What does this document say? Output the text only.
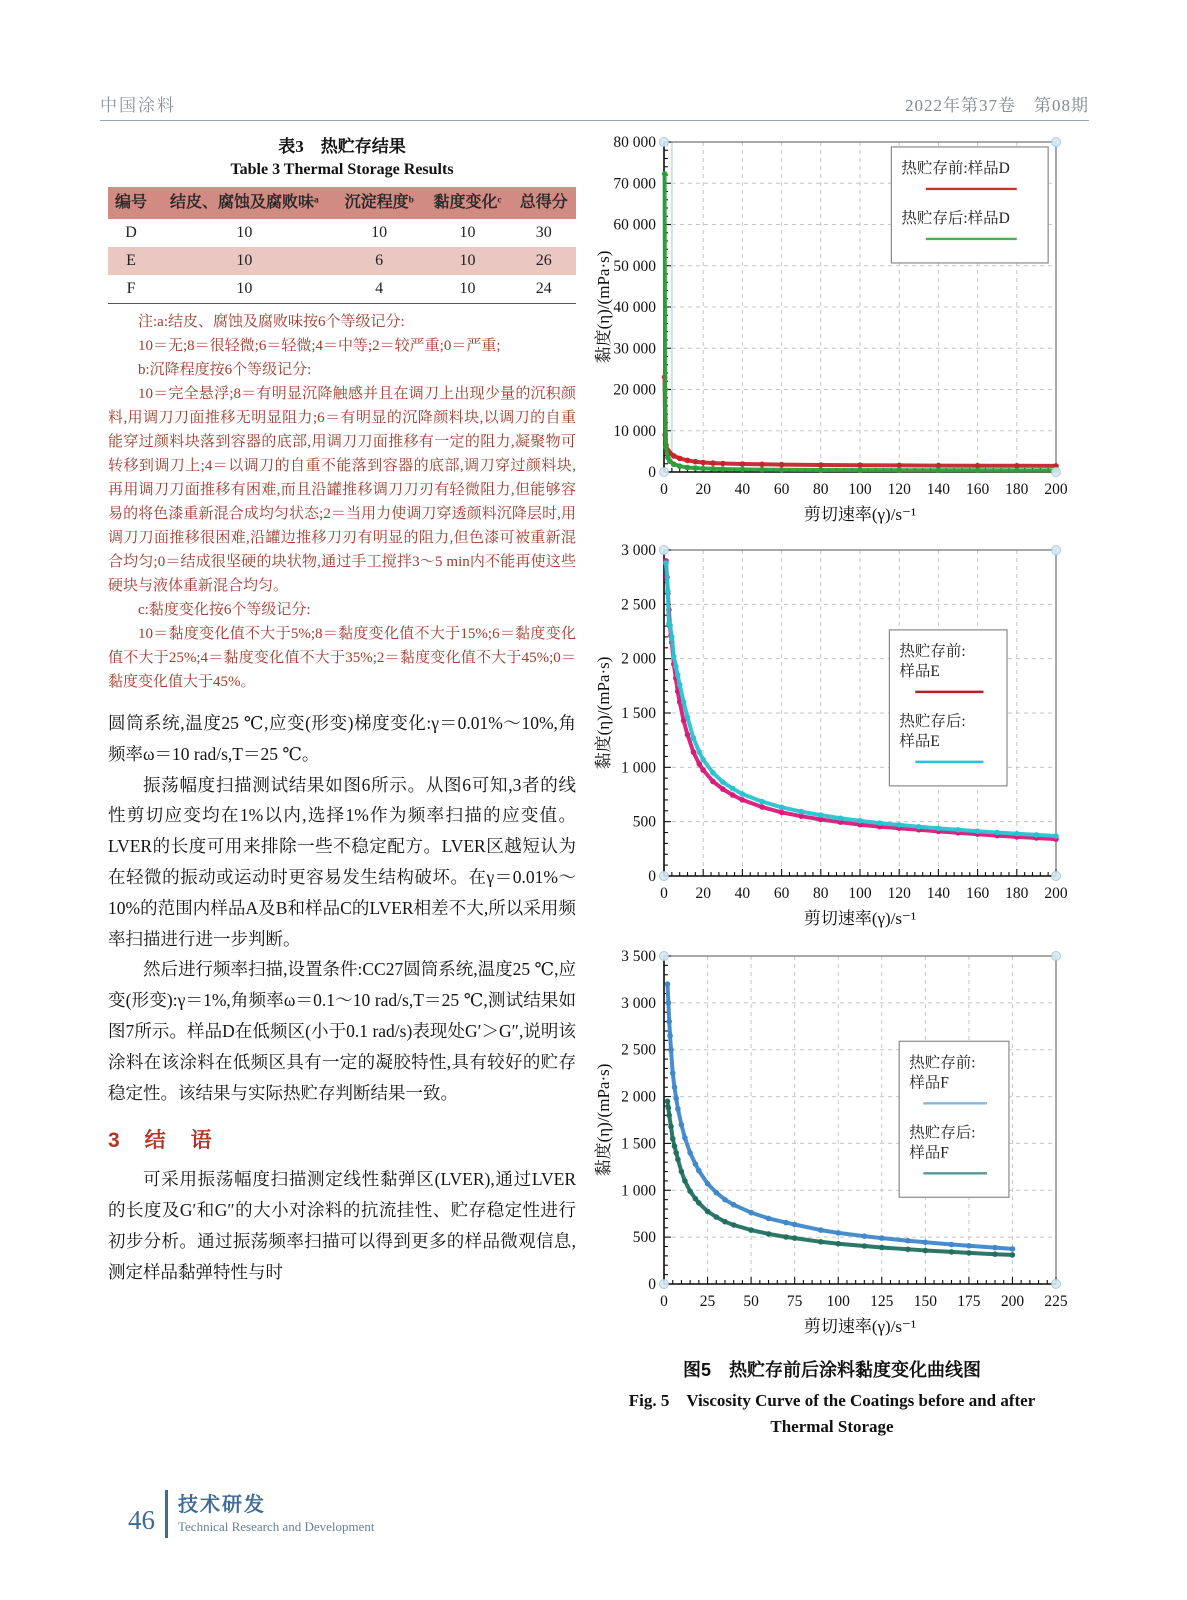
中国涂料	2022年第37卷　第08期

表3　热贮存结果

Table 3 Thermal Storage Results

编号	结皮、腐蚀及腐败味ᵃ	沉淀程度ᵇ	黏度变化ᶜ	总得分
D	10	10	10	30
E	10	6	10	26
F	10	4	10	24

注:a:结皮、腐蚀及腐败味按6个等级记分:

10＝无;8＝很轻微;6＝轻微;4＝中等;2＝较严重;0＝严重;

b:沉降程度按6个等级记分:

10＝完全悬浮;8＝有明显沉降触感并且在调刀上出现少量的沉积颜料,用调刀刀面推移无明显阻力;6＝有明显的沉降颜料块,以调刀的自重能穿过颜料块落到容器的底部,用调刀刀面推移有一定的阻力,凝聚物可转移到调刀上;4＝以调刀的自重不能落到容器的底部,调刀穿过颜料块,再用调刀刀面推移有困难,而且沿罐推移调刀刀刃有轻微阻力,但能够容易的将色漆重新混合成均匀状态;2＝当用力使调刀穿透颜料沉降层时,用调刀刀面推移很困难,沿罐边推移刀刃有明显的阻力,但色漆可被重新混合均匀;0＝结成很坚硬的块状物,通过手工搅拌3～5 min内不能再使这些硬块与液体重新混合均匀。

c:黏度变化按6个等级记分:

10＝黏度变化值不大于5%;8＝黏度变化值不大于15%;6＝黏度变化值不大于25%;4＝黏度变化值不大于35%;2＝黏度变化值不大于45%;0＝黏度变化值大于45%。

圆筒系统,温度25 ℃,应变(形变)梯度变化:γ＝0.01%～10%,角频率ω＝10 rad/s,T＝25 ℃。

振荡幅度扫描测试结果如图6所示。从图6可知,3者的线性剪切应变均在1%以内,选择1%作为频率扫描的应变值。LVER的长度可用来排除一些不稳定配方。LVER区越短认为在轻微的振动或运动时更容易发生结构破坏。在γ＝0.01%～10%的范围内样品A及B和样品C的LVER相差不大,所以采用频率扫描进行进一步判断。

然后进行频率扫描,设置条件:CC27圆筒系统,温度25 ℃,应变(形变):γ＝1%,角频率ω＝0.1～10 rad/s,T＝25 ℃,测试结果如图7所示。样品D在低频区(小于0.1 rad/s)表现处G′＞G″,说明该涂料在该涂料在低频区具有一定的凝胶特性,具有较好的贮存稳定性。该结果与实际热贮存判断结果一致。

3　结　语

可采用振荡幅度扫描测定线性黏弹区(LVER),通过LVER的长度及G′和G″的大小对涂料的抗流挂性、贮存稳定性进行初步分析。通过振荡频率扫描可以得到更多的样品微观信息,测定样品黏弹特性与时

0 20 40 60 80 100 120 140 160 180 200
0
10 000
20 000
30 000
40 000
50 000
60 000
70 000
80 000
剪切速率(γ)/s⁻¹
黏度(η)/(mPa·s)
热贮存前:样品D
热贮存后:样品D
0 20 40 60 80 100 120 140 160 180 200
0
500
1 000
1 500
2 000
2 500
3 000
剪切速率(γ)/s⁻¹
黏度(η)/(mPa·s)
热贮存前:
样品E
热贮存后:
样品E
0 25 50 75 100 125 150 175 200 225
0
500
1 000
1 500
2 000
2 500
3 000
3 500
剪切速率(γ)/s⁻¹
黏度(η)/(mPa·s)
热贮存前:
样品F
热贮存后:
样品F
图5　热贮存前后涂料黏度变化曲线图
Fig. 5　Viscosity Curve of the Coatings before and after
Thermal Storage
46 技术研发
Technical Research and Development
